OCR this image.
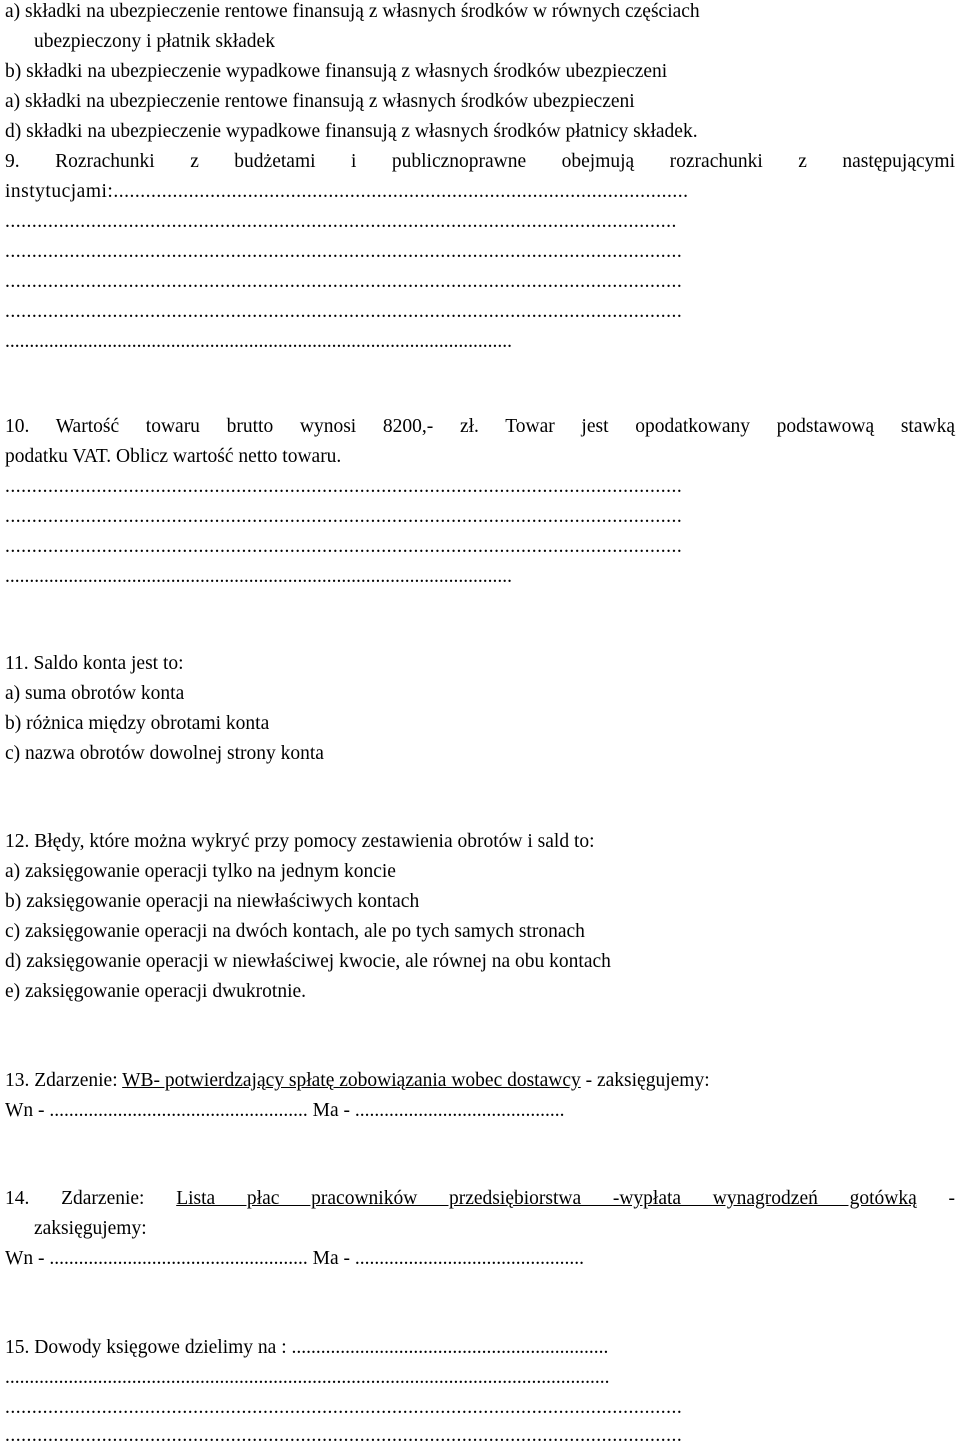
a) składki na ubezpieczenie rentowe finansują z własnych środków w równych częściach
ubezpieczony i płatnik składek
b) składki na ubezpieczenie wypadkowe finansują z własnych środków ubezpieczeni
a) składki na ubezpieczenie rentowe finansują z własnych środków ubezpieczeni
d) składki na ubezpieczenie wypadkowe finansują z własnych środków płatnicy składek.
9. Rozrachunki z budżetami i publicznoprawne obejmują rozrachunki z następującymi
instytucjami:...........................................................................................................
.............................................................................................................................
..............................................................................................................................
..............................................................................................................................
..............................................................................................................................
........................................................................................................
10. Wartość towaru brutto wynosi 8200,- zł. Towar jest opodatkowany podstawową stawką
podatku VAT. Oblicz wartość netto towaru.
..............................................................................................................................
..............................................................................................................................
..............................................................................................................................
........................................................................................................
11. Saldo konta jest to:
a) suma obrotów konta
b) różnica między obrotami konta
c) nazwa obrotów dowolnej strony konta
12. Błędy, które można wykryć przy pomocy zestawienia obrotów i sald to:
a) zaksięgowanie operacji tylko na jednym koncie
b) zaksięgowanie operacji na niewłaściwych kontach
c) zaksięgowanie operacji na dwóch kontach, ale po tych samych stronach
d) zaksięgowanie operacji w niewłaściwej kwocie, ale równej na obu kontach
e) zaksięgowanie operacji dwukrotnie.
13. Zdarzenie: WB- potwierdzający spłatę zobowiązania wobec dostawcy - zaksięgujemy:
Wn - ..................................................... Ma - ...........................................
14. Zdarzenie: Lista płac pracowników przedsiębiorstwa -wypłata wynagrodzeń gotówką -
zaksięgujemy:
Wn - ..................................................... Ma - ...............................................
15. Dowody księgowe dzielimy na : .................................................................
............................................................................................................................
..............................................................................................................................
..............................................................................................................................
